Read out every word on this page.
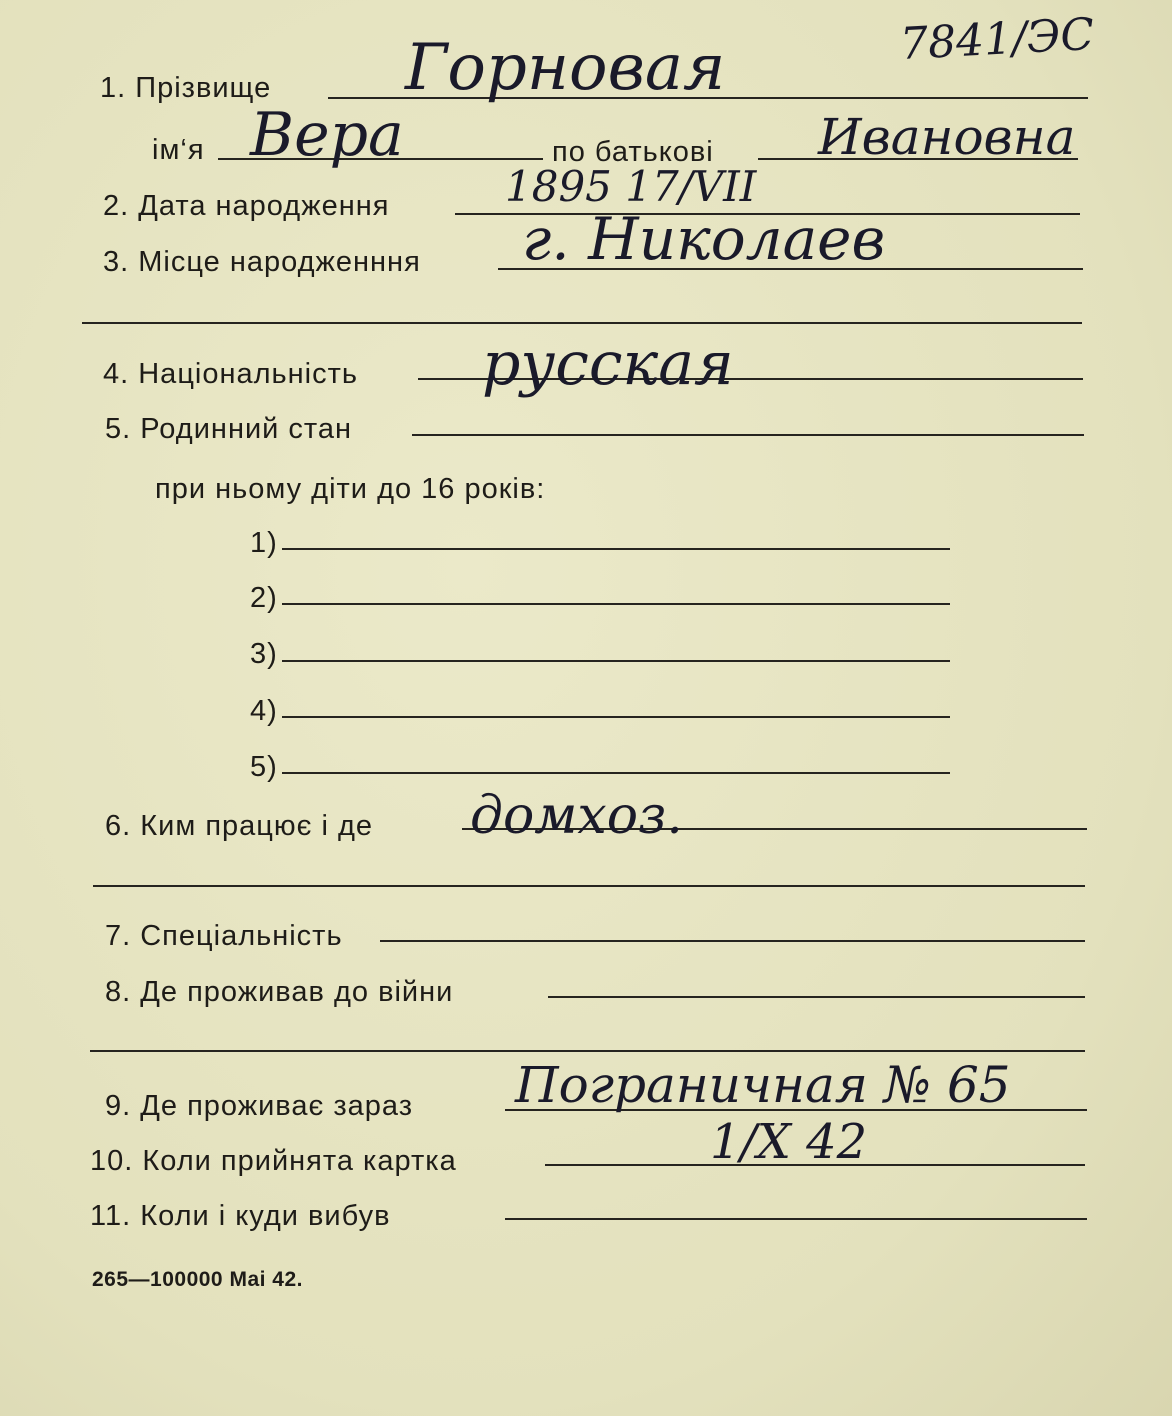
7841/ЭС
1. Прізвище Горновая
ім‘я Вера	по батькові Ивановна
2. Дата народження	1895 17/VII
3. Місце народженння г. Николаев
4. Національність русская
5. Родинний стан
при ньому діти до 16 років:
1)
2)
3)
4)
5)
6. Ким працює і де домхоз.
7. Спеціальність
8. Де проживав до війни
9. Де проживає зараз Пограничная № 65
10. Коли прийнята картка	1/X 42
11. Коли і куди вибув
265—100000 Mai 42.
